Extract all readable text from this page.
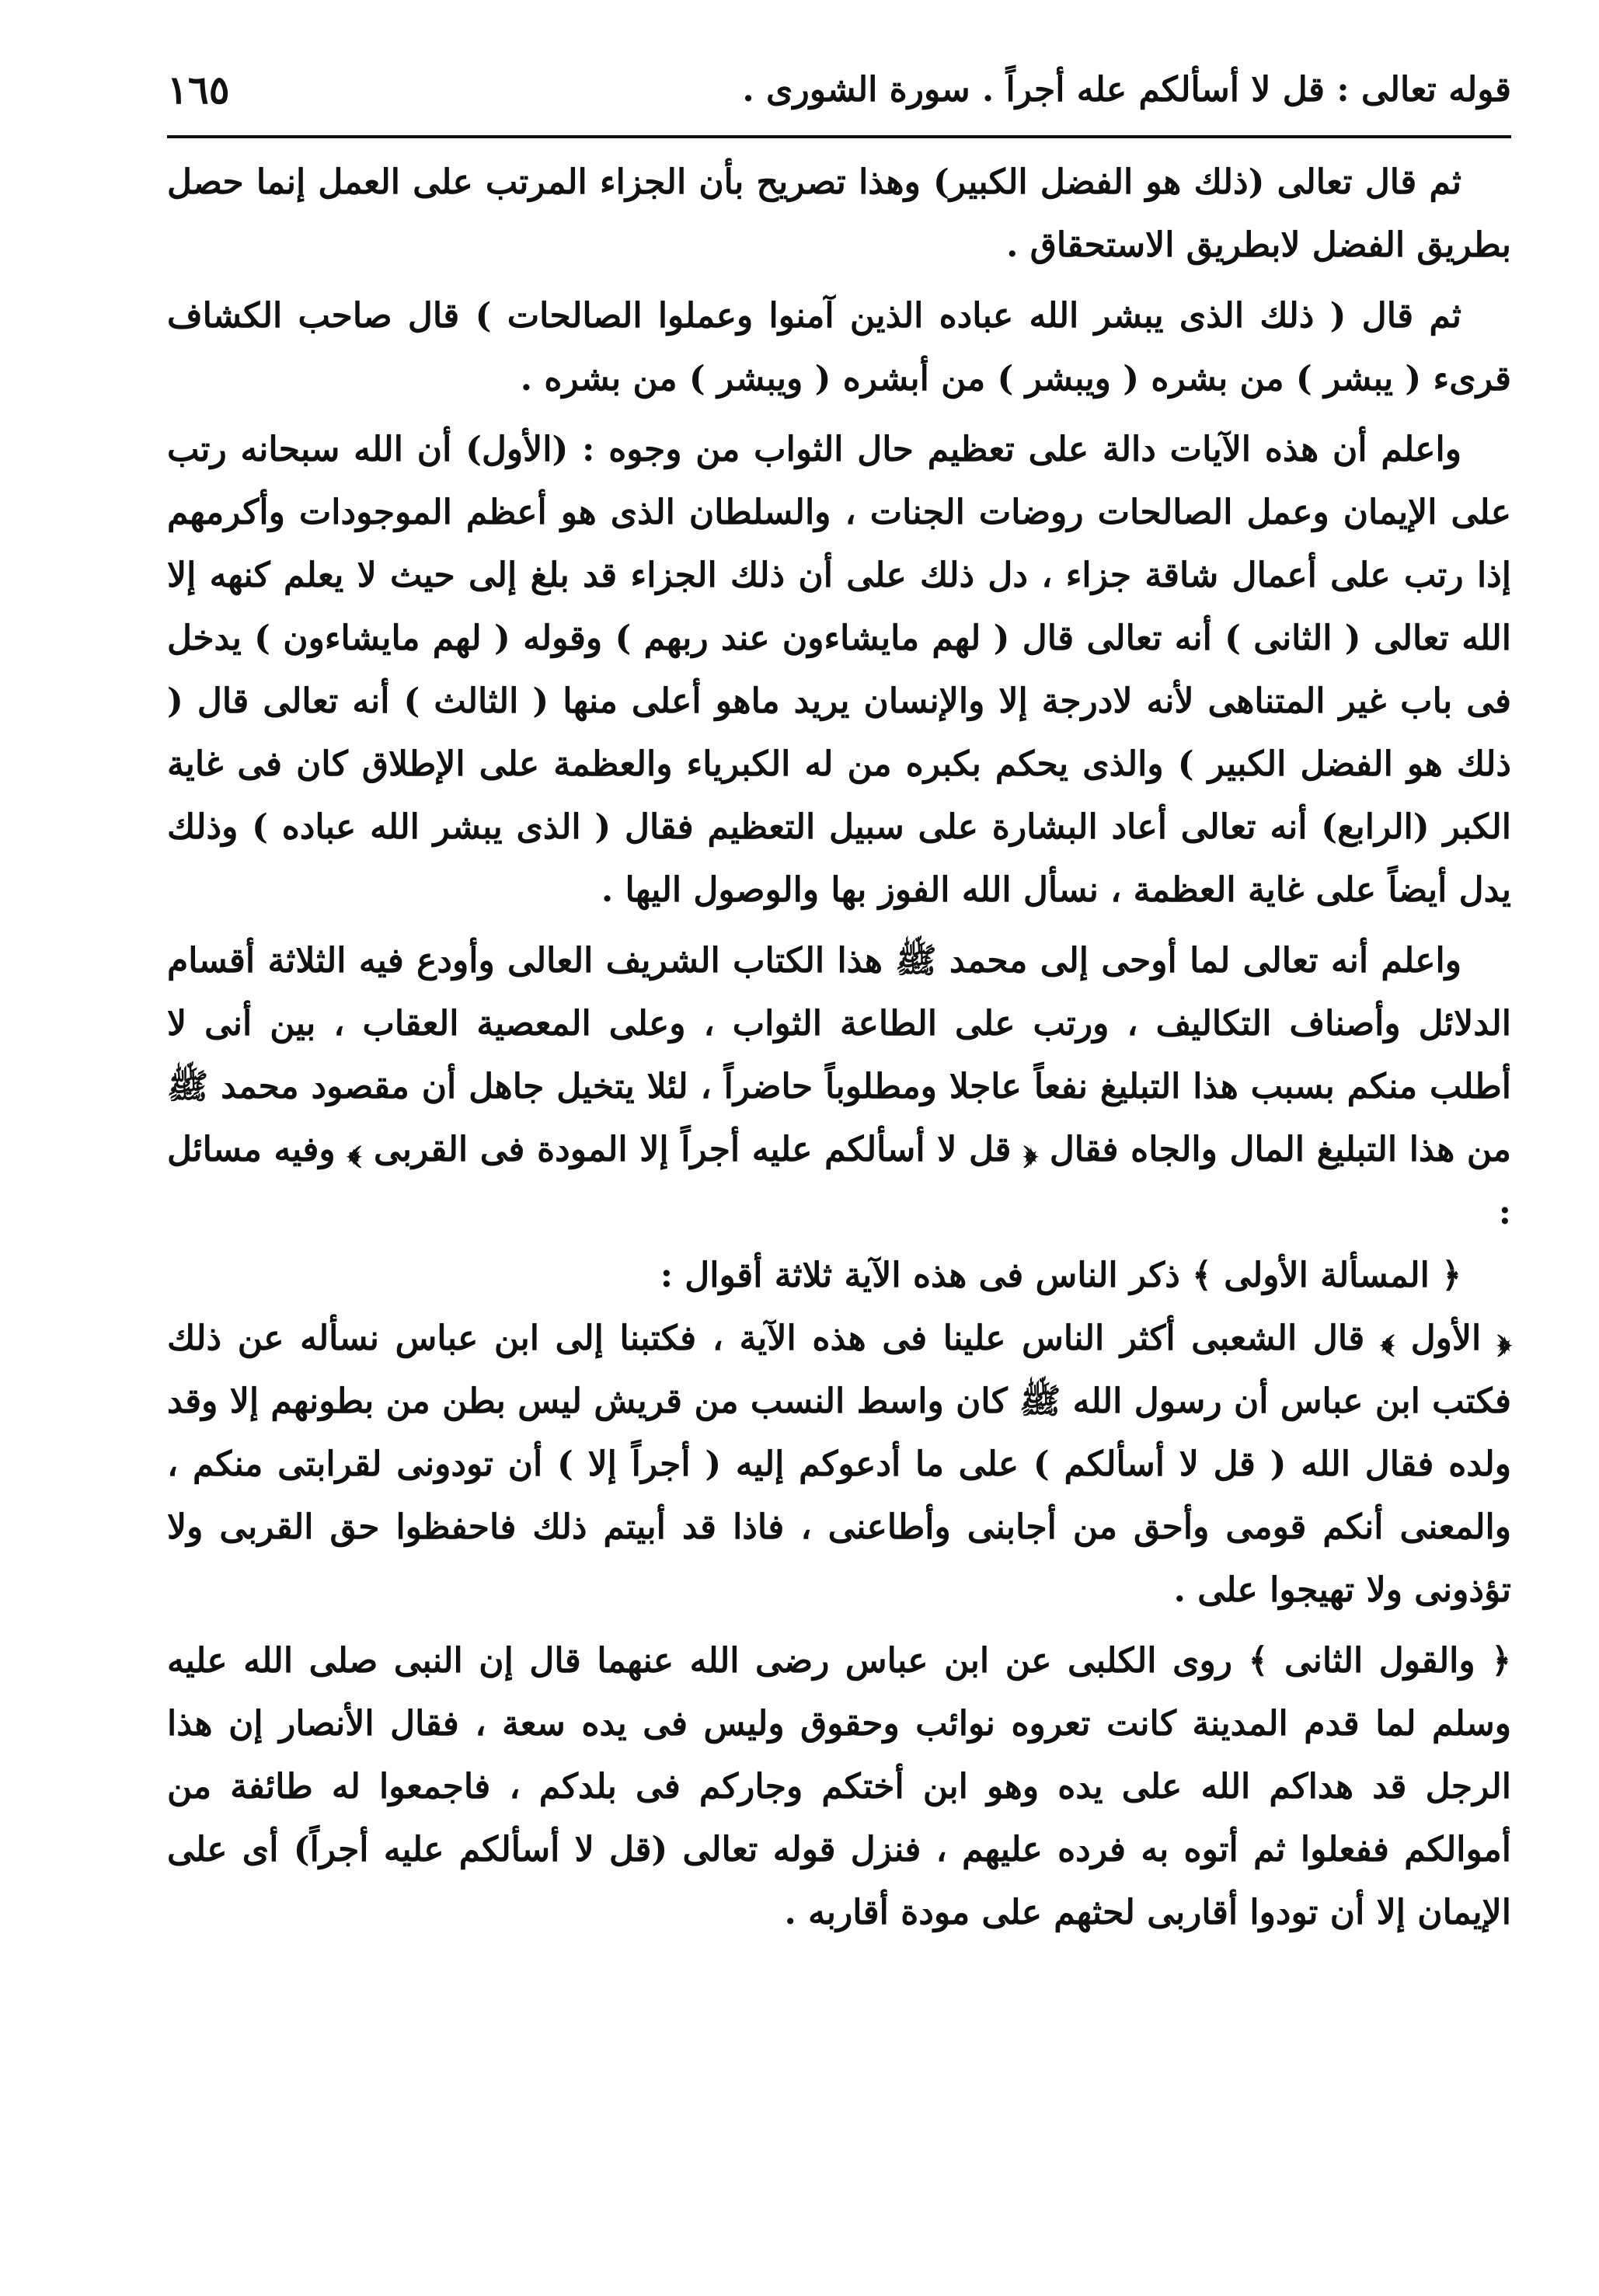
قوله تعالى : قل لا أسألكم عله أجراً . سورة الشورى .
١٦٥

ثم قال تعالى (ذلك هو الفضل الكبير) وهذا تصريح بأن الجزاء المرتب على العمل إنما حصل بطريق الفضل لابطريق الاستحقاق .

ثم قال ( ذلك الذى يبشر الله عباده الذين آمنوا وعملوا الصالحات ) قال صاحب الكشاف قرىء ( يبشر ) من بشره ( ويبشر ) من أبشره ( ويبشر ) من بشره .

واعلم أن هذه الآيات دالة على تعظيم حال الثواب من وجوه : (الأول) أن الله سبحانه رتب على الإيمان وعمل الصالحات روضات الجنات ، والسلطان الذى هو أعظم الموجودات وأكرمهم إذا رتب على أعمال شاقة جزاء ، دل ذلك على أن ذلك الجزاء قد بلغ إلى حيث لا يعلم كنهه إلا الله تعالى ( الثانى ) أنه تعالى قال ( لهم مايشاءون عند ربهم ) وقوله ( لهم مايشاءون ) يدخل فى باب غير المتناهى لأنه لادرجة إلا والإنسان يريد ماهو أعلى منها ( الثالث ) أنه تعالى قال ( ذلك هو الفضل الكبير ) والذى يحكم بكبره من له الكبرياء والعظمة على الإطلاق كان فى غاية الكبر (الرابع) أنه تعالى أعاد البشارة على سبيل التعظيم فقال ( الذى يبشر الله عباده ) وذلك يدل أيضاً على غاية العظمة ، نسأل الله الفوز بها والوصول اليها .

واعلم أنه تعالى لما أوحى إلى محمد ﷺ هذا الكتاب الشريف العالى وأودع فيه الثلاثة أقسام الدلائل وأصناف التكاليف ، ورتب على الطاعة الثواب ، وعلى المعصية العقاب ، بين أنى لا أطلب منكم بسبب هذا التبليغ نفعاً عاجلا ومطلوباً حاضراً ، لئلا يتخيل جاهل أن مقصود محمد ﷺ من هذا التبليغ المال والجاه فقال ﴿ قل لا أسألكم عليه أجراً إلا المودة فى القربى ﴾ وفيه مسائل :

﴿ المسألة الأولى ﴾ ذكر الناس فى هذه الآية ثلاثة أقوال :

﴿ الأول ﴾ قال الشعبى أكثر الناس علينا فى هذه الآية ، فكتبنا إلى ابن عباس نسأله عن ذلك فكتب ابن عباس أن رسول الله ﷺ كان واسط النسب من قريش ليس بطن من بطونهم إلا وقد ولده فقال الله ( قل لا أسألكم ) على ما أدعوكم إليه ( أجراً إلا ) أن تودونى لقرابتى منكم ، والمعنى أنكم قومى وأحق من أجابنى وأطاعنى ، فاذا قد أبيتم ذلك فاحفظوا حق القربى ولا تؤذونى ولا تهيجوا على .

﴿ والقول الثانى ﴾ روى الكلبى عن ابن عباس رضى الله عنهما قال إن النبى صلى الله عليه وسلم لما قدم المدينة كانت تعروه نوائب وحقوق وليس فى يده سعة ، فقال الأنصار إن هذا الرجل قد هداكم الله على يده وهو ابن أختكم وجاركم فى بلدكم ، فاجمعوا له طائفة من أموالكم ففعلوا ثم أتوه به فرده عليهم ، فنزل قوله تعالى (قل لا أسألكم عليه أجراً) أى على الإيمان إلا أن تودوا أقاربى لحثهم على مودة أقاربه .
